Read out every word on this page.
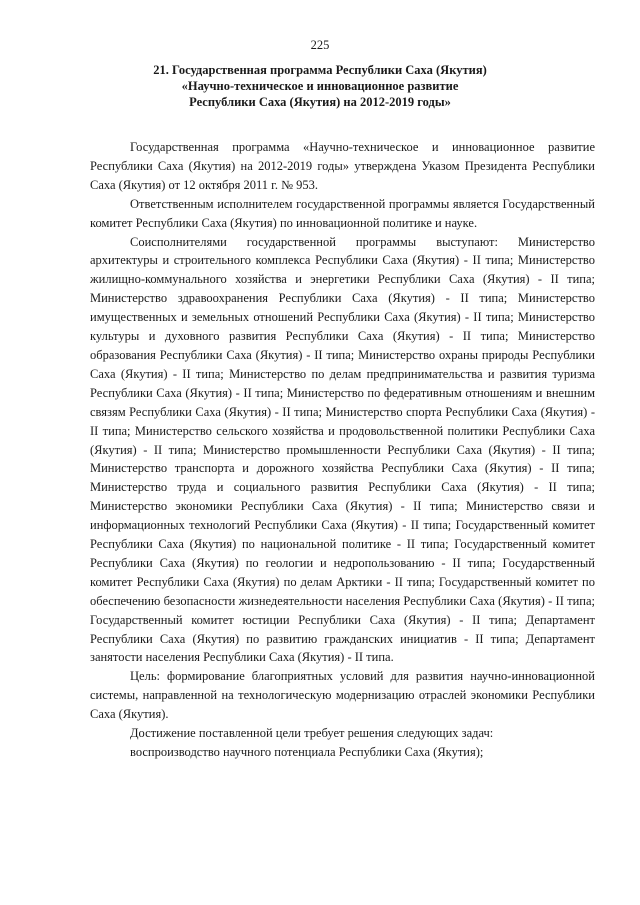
225
21. Государственная программа Республики Саха (Якутия)
«Научно-техническое и инновационное развитие
Республики Саха (Якутия) на 2012-2019 годы»

Государственная программа «Научно-техническое и инновационное развитие Республики Саха (Якутия) на 2012-2019 годы» утверждена Указом Президента Республики Саха (Якутия) от 12 октября 2011 г. № 953.

Ответственным исполнителем государственной программы является Государственный комитет Республики Саха (Якутия) по инновационной политике и науке.

Соисполнителями государственной программы выступают: Министерство архитектуры и строительного комплекса Республики Саха (Якутия) - II типа; Министерство жилищно-коммунального хозяйства и энергетики Республики Саха (Якутия) - II типа; Министерство здравоохранения Республики Саха (Якутия) - II типа; Министерство имущественных и земельных отношений Республики Саха (Якутия) - II типа; Министерство культуры и духовного развития Республики Саха (Якутия) - II типа; Министерство образования Республики Саха (Якутия) - II типа; Министерство охраны природы Республики Саха (Якутия) - II типа; Министерство по делам предпринимательства и развития туризма Республики Саха (Якутия) - II типа; Министерство по федеративным отношениям и внешним связям Республики Саха (Якутия) - II типа; Министерство спорта Республики Саха (Якутия) - II типа; Министерство сельского хозяйства и продовольственной политики Республики Саха (Якутия) - II типа; Министерство промышленности Республики Саха (Якутия) - II типа; Министерство транспорта и дорожного хозяйства Республики Саха (Якутия) - II типа; Министерство труда и социального развития Республики Саха (Якутия) - II типа; Министерство экономики Республики Саха (Якутия) - II типа; Министерство связи и информационных технологий Республики Саха (Якутия) - II типа; Государственный комитет Республики Саха (Якутия) по национальной политике - II типа; Государственный комитет Республики Саха (Якутия) по геологии и недропользованию - II типа; Государственный комитет Республики Саха (Якутия) по делам Арктики - II типа; Государственный комитет по обеспечению безопасности жизнедеятельности населения Республики Саха (Якутия) - II типа; Государственный комитет юстиции Республики Саха (Якутия) - II типа; Департамент Республики Саха (Якутия) по развитию гражданских инициатив - II типа; Департамент занятости населения Республики Саха (Якутия) - II типа.

Цель: формирование благоприятных условий для развития научно-инновационной системы, направленной на технологическую модернизацию отраслей экономики Республики Саха (Якутия).

Достижение поставленной цели требует решения следующих задач:

воспроизводство научного потенциала Республики Саха (Якутия);
